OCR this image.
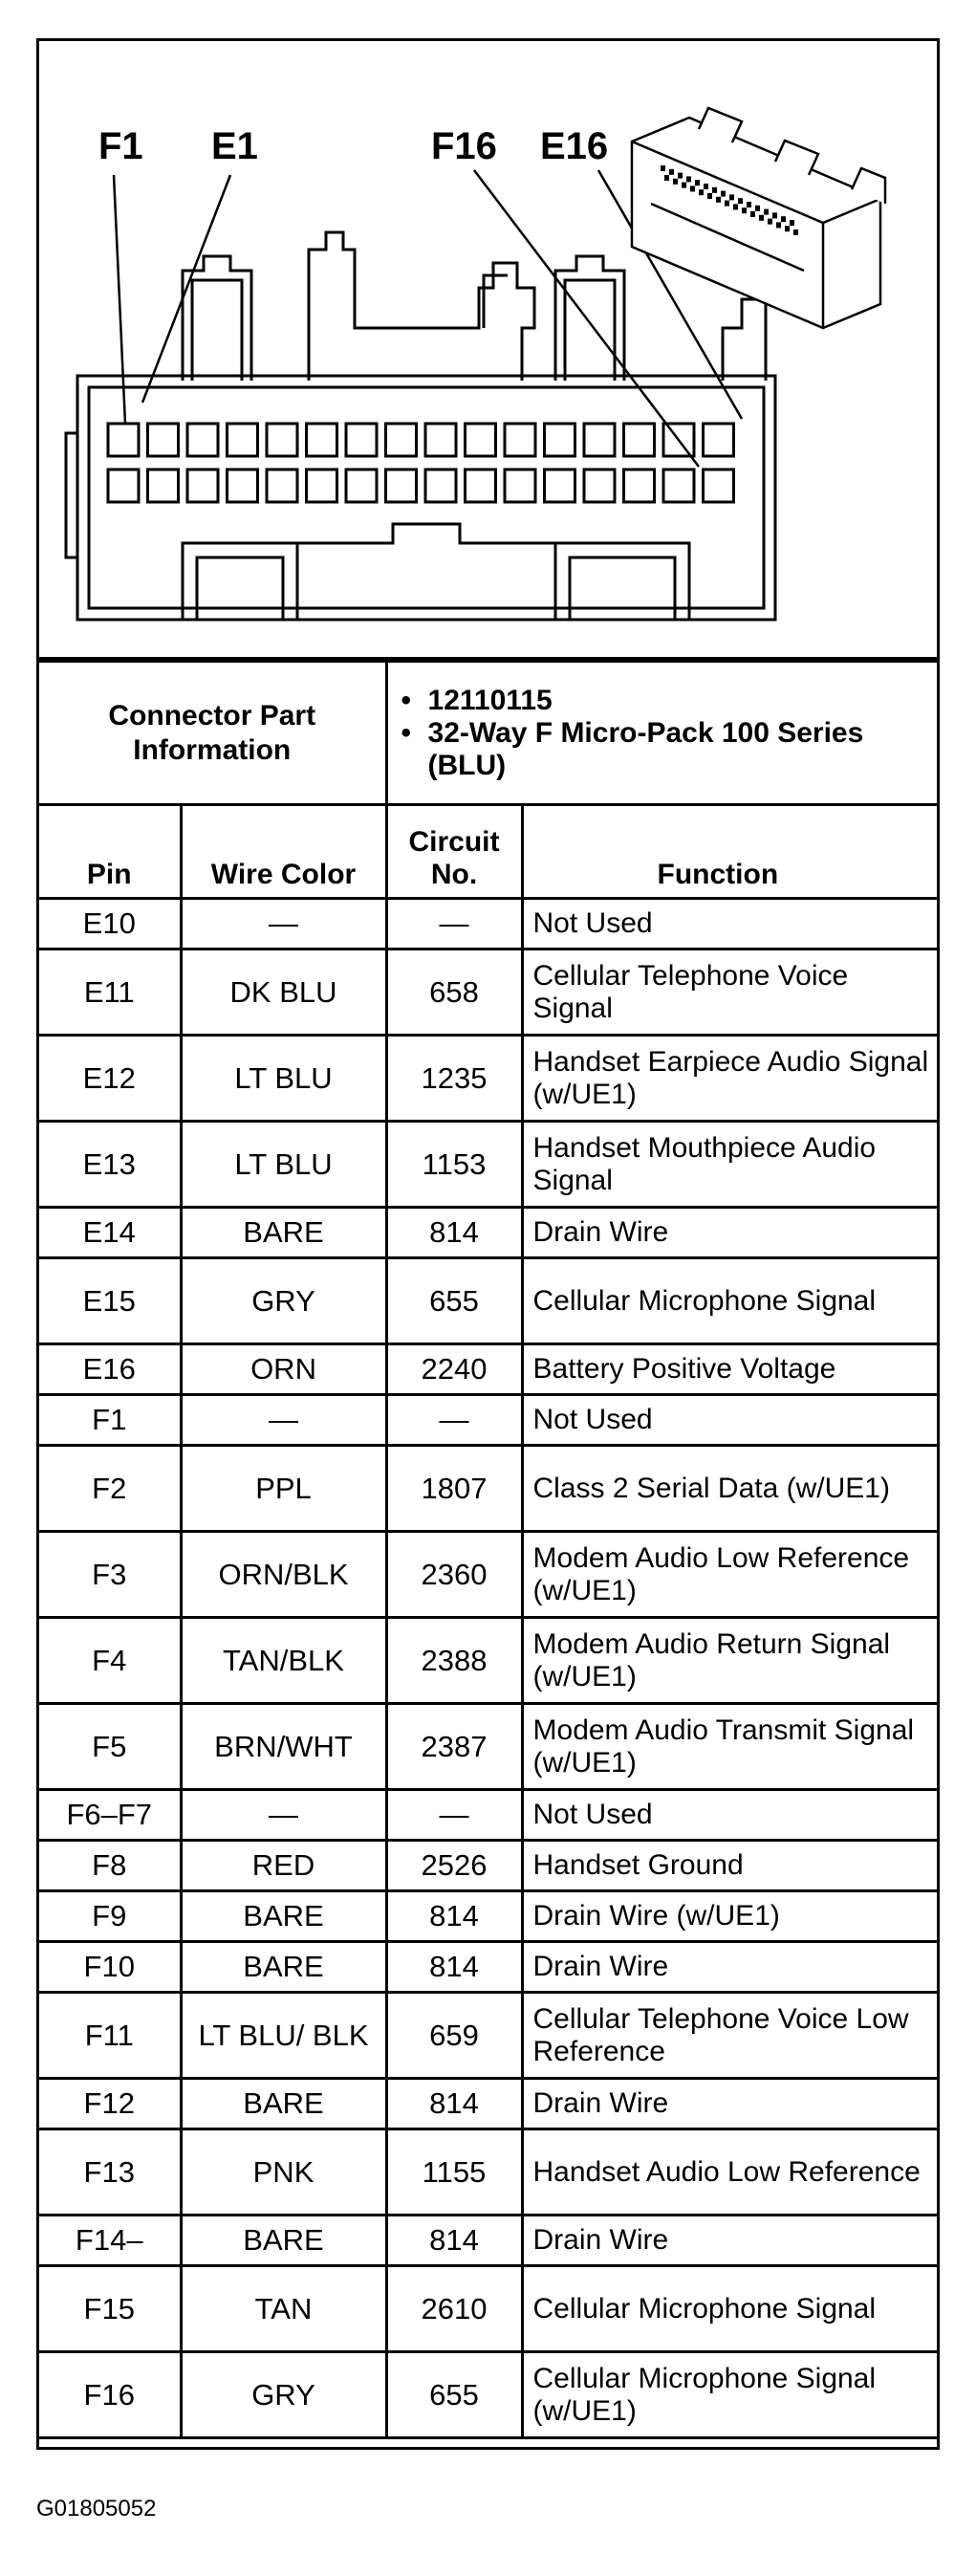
F1 E1	F16 E16
Connector Part Information		• 12110115
• 32-Way F Micro-Pack 100 Series (BLU)

Pin	Wire Color	Circuit No.	Function
E10	—	—	Not Used
E11	DK BLU	658	Cellular Telephone Voice Signal
E12	LT BLU	1235	Handset Earpiece Audio Signal (w/UE1)
E13	LT BLU	1153	Handset Mouthpiece Audio Signal
E14	BARE	814	Drain Wire
E15	GRY	655	Cellular Microphone Signal
E16	ORN	2240	Battery Positive Voltage
F1	—	—	Not Used
F2	PPL	1807	Class 2 Serial Data (w/UE1)
F3	ORN/BLK	2360	Modem Audio Low Reference (w/UE1)
F4	TAN/BLK	2388	Modem Audio Return Signal (w/UE1)
F5	BRN/WHT	2387	Modem Audio Transmit Signal (w/UE1)
F6–F7	—	—	Not Used
F8	RED	2526	Handset Ground
F9	BARE	814	Drain Wire (w/UE1)
F10	BARE	814	Drain Wire
F11	LT BLU/ BLK	659	Cellular Telephone Voice Low Reference
F12	BARE	814	Drain Wire
F13	PNK	1155	Handset Audio Low Reference
F14–	BARE	814	Drain Wire
F15	TAN	2610	Cellular Microphone Signal
F16	GRY	655	Cellular Microphone Signal (w/UE1)
G01805052
